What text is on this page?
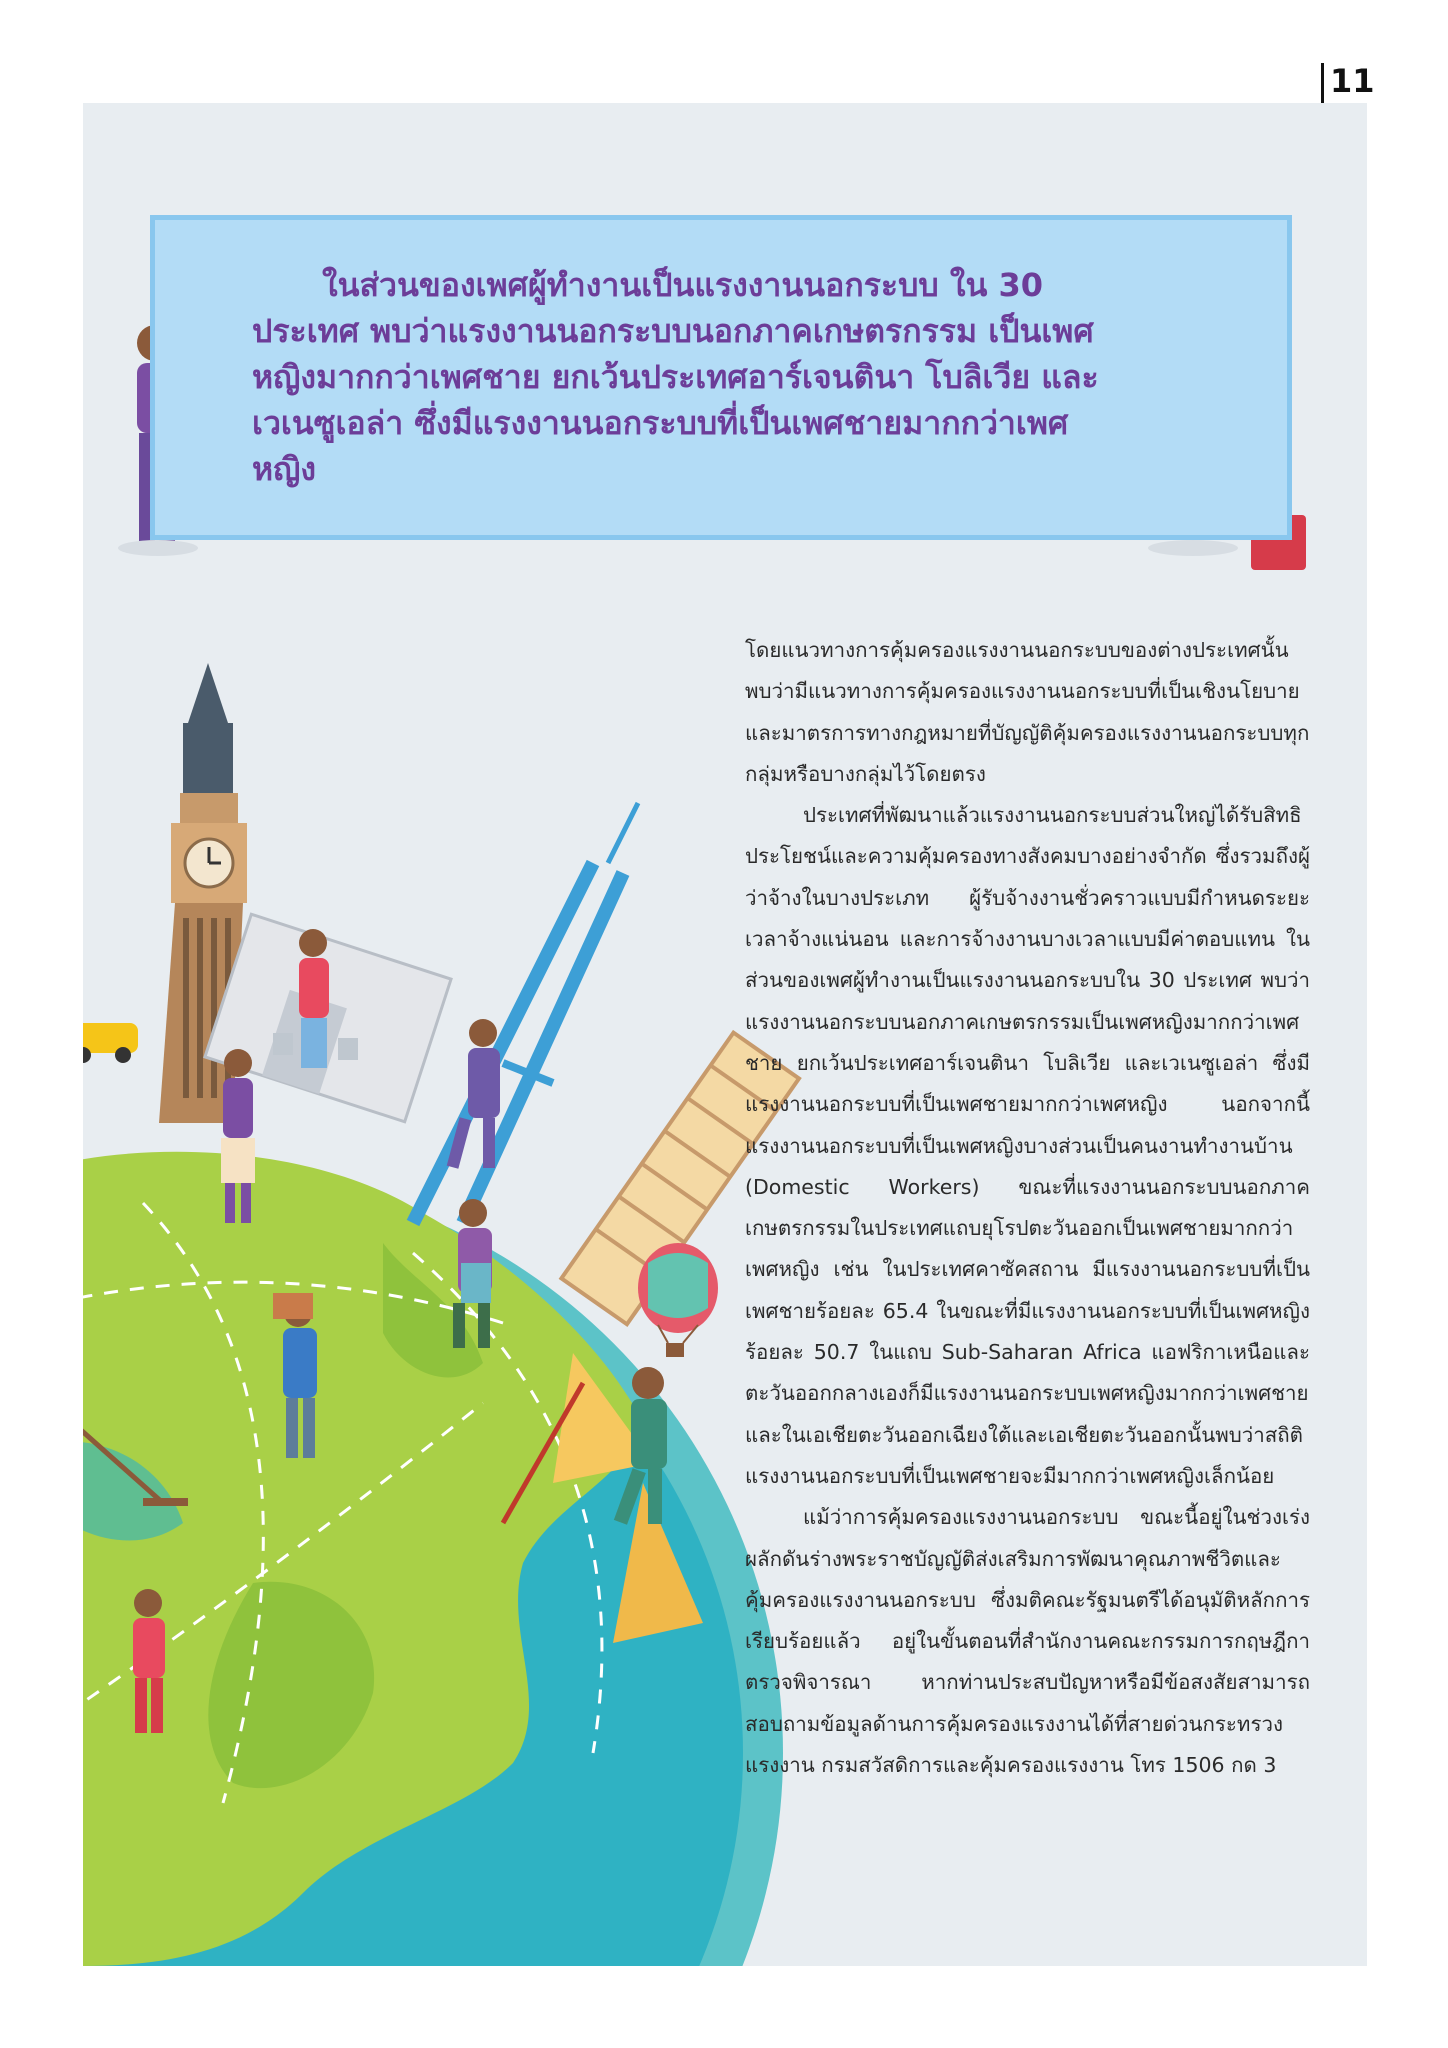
11

ในส่วนของเพศผู้ทำงานเป็นแรงงานนอกระบบ ใน 30 ประเทศ พบว่าแรงงานนอกระบบนอกภาคเกษตรกรรม เป็นเพศหญิงมากกว่าเพศชาย ยกเว้นประเทศอาร์เจนตินา โบลิเวีย และเวเนซูเอล่า ซึ่งมีแรงงานนอกระบบที่เป็นเพศชายมากกว่าเพศหญิง

โดยแนวทางการคุ้มครองแรงงานนอกระบบของต่างประเทศนั้น พบว่ามีแนวทางการคุ้มครองแรงงานนอกระบบที่เป็นเชิงนโยบายและมาตรการทางกฎหมายที่บัญญัติคุ้มครองแรงงานนอกระบบทุกกลุ่มหรือบางกลุ่มไว้โดยตรง

ประเทศที่พัฒนาแล้วแรงงานนอกระบบส่วนใหญ่ได้รับสิทธิประโยชน์และความคุ้มครองทางสังคมบางอย่างจำกัด ซึ่งรวมถึงผู้ว่าจ้างในบางประเภท ผู้รับจ้างงานชั่วคราวแบบมีกำหนดระยะเวลาจ้างแน่นอน และการจ้างงานบางเวลาแบบมีค่าตอบแทน ในส่วนของเพศผู้ทำงานเป็นแรงงานนอกระบบใน 30 ประเทศ พบว่าแรงงานนอกระบบนอกภาคเกษตรกรรมเป็นเพศหญิงมากกว่าเพศชาย ยกเว้นประเทศอาร์เจนตินา โบลิเวีย และเวเนซูเอล่า ซึ่งมีแรงงานนอกระบบที่เป็นเพศชายมากกว่าเพศหญิง นอกจากนี้แรงงานนอกระบบที่เป็นเพศหญิงบางส่วนเป็นคนงานทำงานบ้าน (Domestic Workers) ขณะที่แรงงานนอกระบบนอกภาคเกษตรกรรมในประเทศแถบยุโรปตะวันออกเป็นเพศชายมากกว่าเพศหญิง เช่น ในประเทศคาซัคสถาน มีแรงงานนอกระบบที่เป็นเพศชายร้อยละ 65.4 ในขณะที่มีแรงงานนอกระบบที่เป็นเพศหญิงร้อยละ 50.7 ในแถบ Sub-Saharan Africa แอฟริกาเหนือและตะวันออกกลางเองก็มีแรงงานนอกระบบเพศหญิงมากกว่าเพศชาย และในเอเชียตะวันออกเฉียงใต้และเอเชียตะวันออกนั้นพบว่าสถิติแรงงานนอกระบบที่เป็นเพศชายจะมีมากกว่าเพศหญิงเล็กน้อย

แม้ว่าการคุ้มครองแรงงานนอกระบบ ขณะนี้อยู่ในช่วงเร่งผลักดันร่างพระราชบัญญัติส่งเสริมการพัฒนาคุณภาพชีวิตและคุ้มครองแรงงานนอกระบบ ซึ่งมติคณะรัฐมนตรีได้อนุมัติหลักการเรียบร้อยแล้ว อยู่ในขั้นตอนที่สำนักงานคณะกรรมการกฤษฎีกาตรวจพิจารณา หากท่านประสบปัญหาหรือมีข้อสงสัยสามารถสอบถามข้อมูลด้านการคุ้มครองแรงงานได้ที่สายด่วนกระทรวงแรงงาน กรมสวัสดิการและคุ้มครองแรงงาน โทร 1506 กด 3
